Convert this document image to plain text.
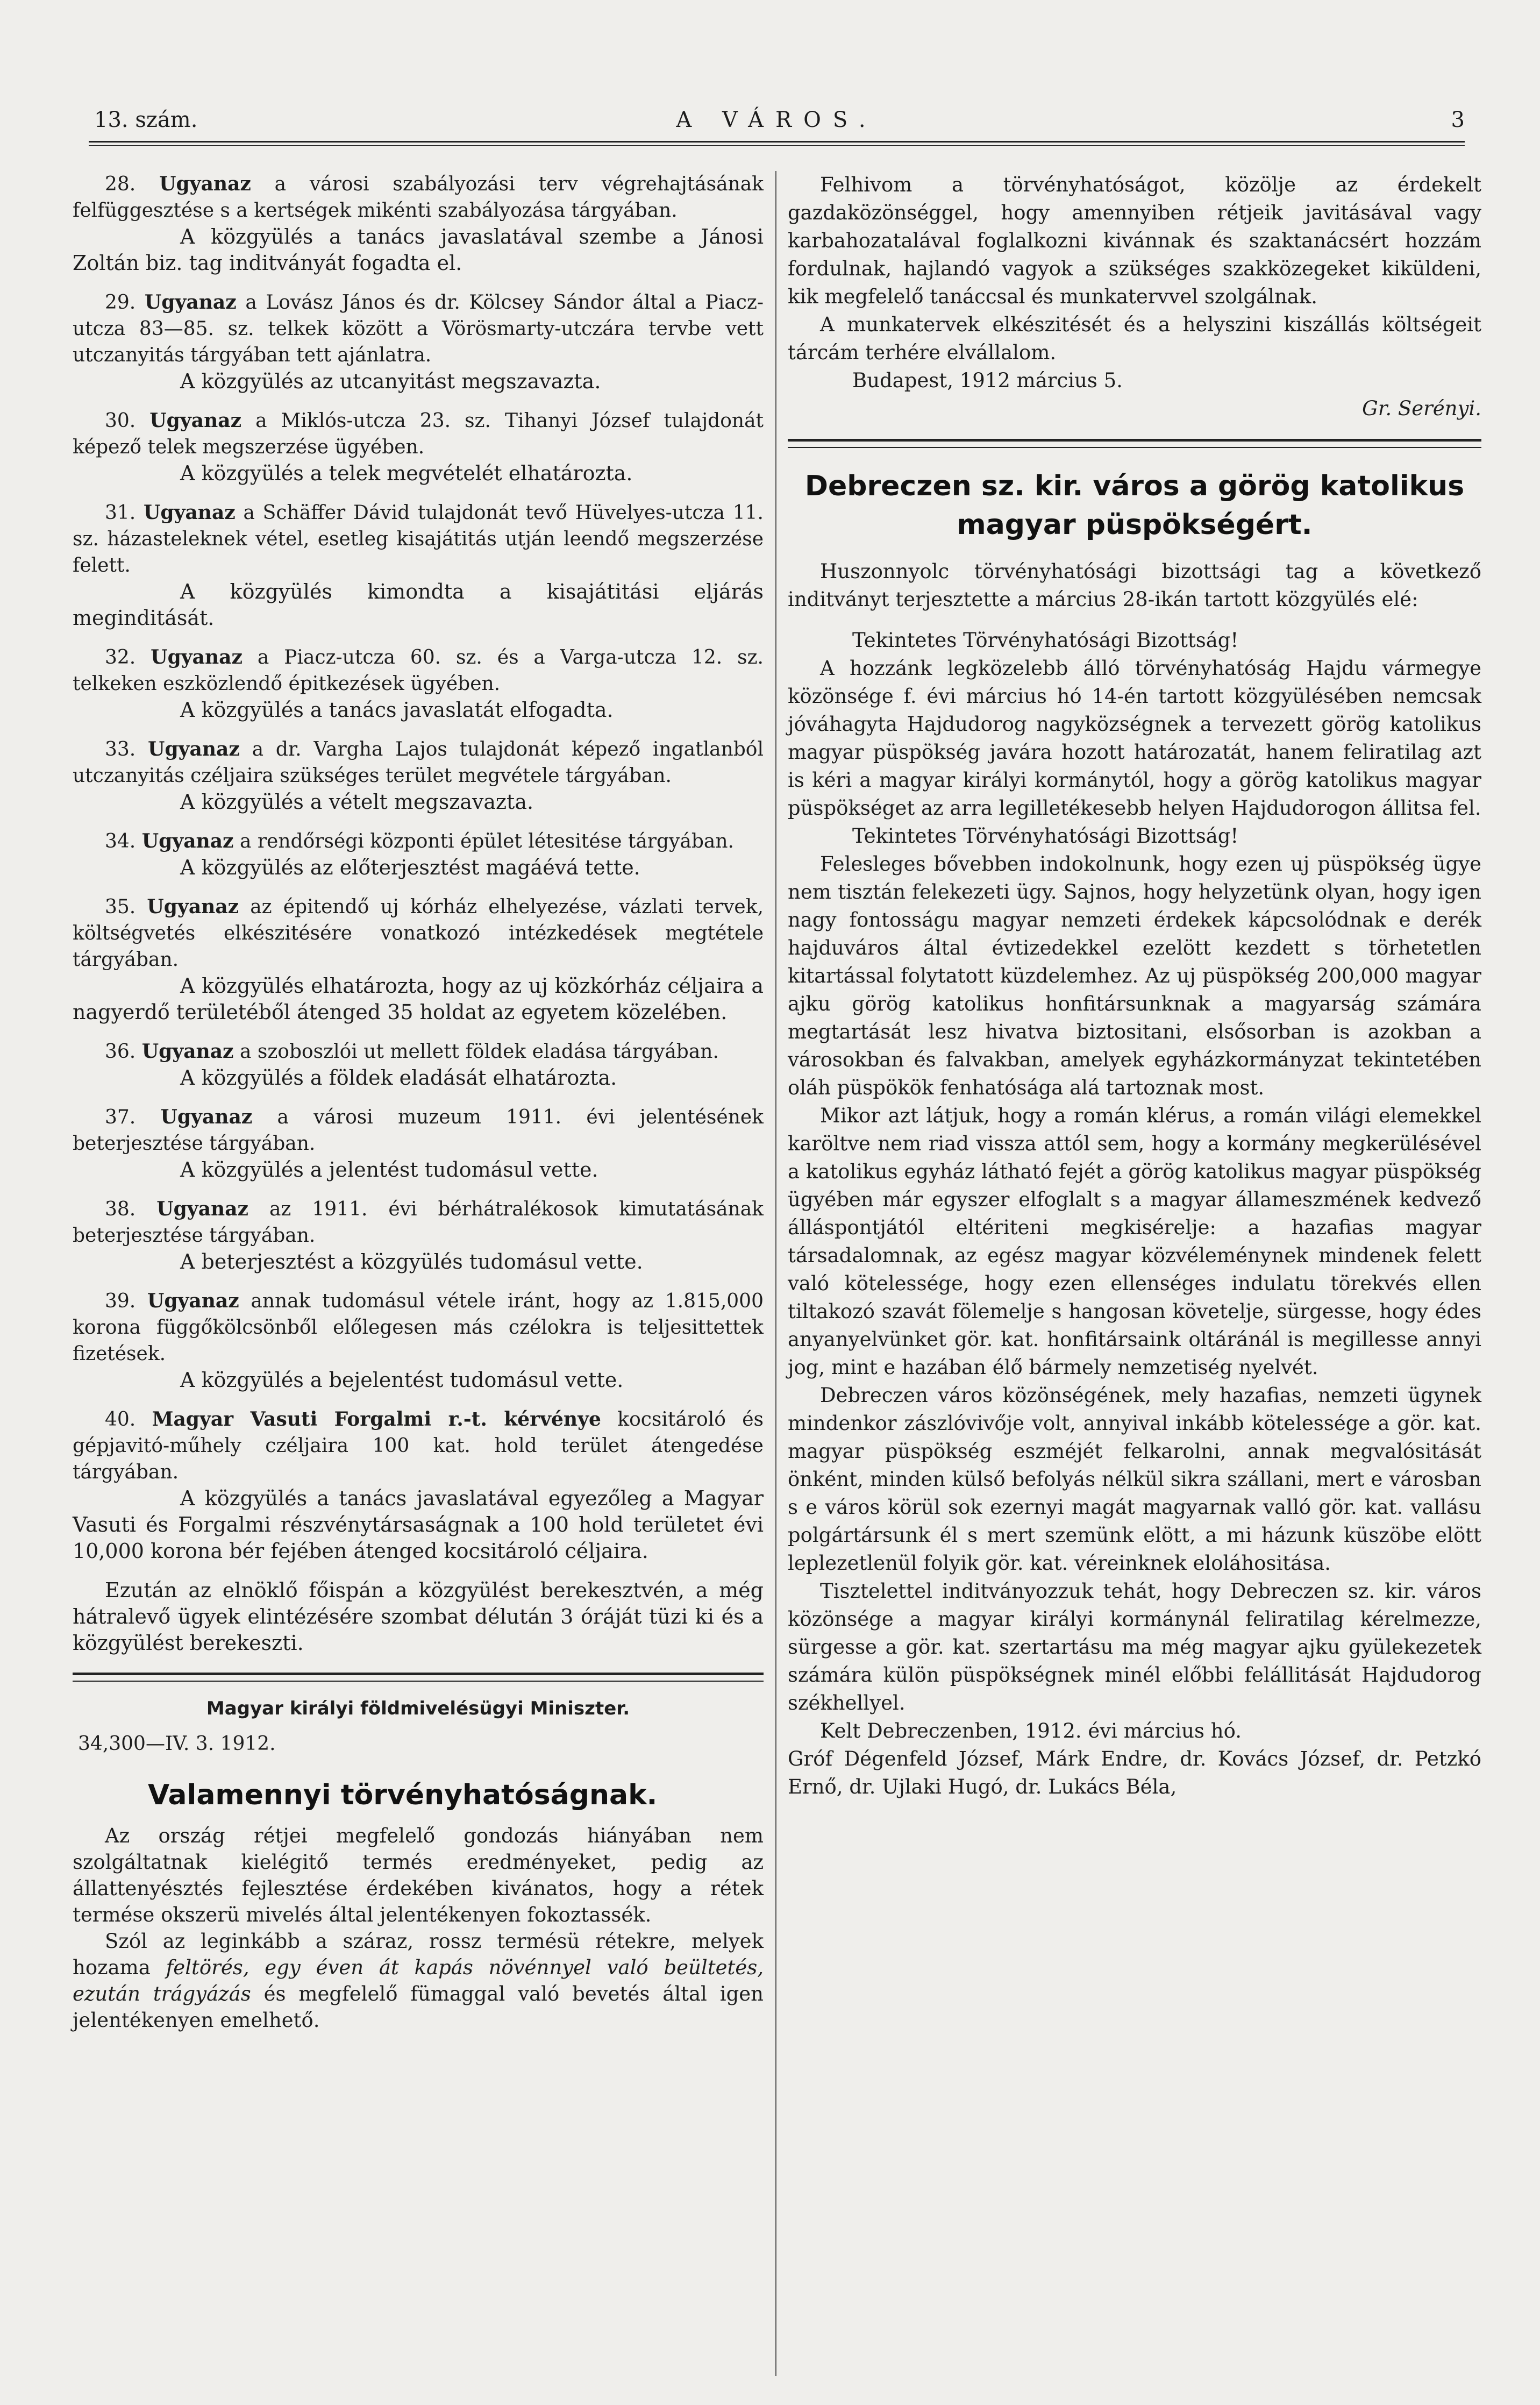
13. szám.	A VÁROS.	3

28. Ugyanaz a városi szabályozási terv végrehajtásának felfüggesztése s a kertségek mikénti szabályozása tárgyában.

A közgyülés a tanács javaslatával szembe a Jánosi Zoltán biz. tag inditványát fogadta el.

29. Ugyanaz a Lovász János és dr. Kölcsey Sándor által a Piacz-utcza 83—85. sz. telkek között a Vörösmarty-utczára tervbe vett utczanyitás tárgyában tett ajánlatra.

A közgyülés az utcanyitást megszavazta.

30. Ugyanaz a Miklós-utcza 23. sz. Tihanyi József tulajdonát képező telek megszerzése ügyében.

A közgyülés a telek megvételét elhatározta.

31. Ugyanaz a Schäffer Dávid tulajdonát tevő Hüvelyes-utcza 11. sz. házasteleknek vétel, esetleg kisajátitás utján leendő megszerzése felett.

A közgyülés kimondta a kisajátitási eljárás meginditását.

32. Ugyanaz a Piacz-utcza 60. sz. és a Varga-utcza 12. sz. telkeken eszközlendő épitkezések ügyében.

A közgyülés a tanács javaslatát elfogadta.

33. Ugyanaz a dr. Vargha Lajos tulajdonát képező ingatlanból utczanyitás czéljaira szükséges terület megvétele tárgyában.

A közgyülés a vételt megszavazta.

34. Ugyanaz a rendőrségi központi épület létesitése tárgyában.

A közgyülés az előterjesztést magáévá tette.

35. Ugyanaz az épitendő uj kórház elhelyezése, vázlati tervek, költségvetés elkészitésére vonatkozó intézkedések megtétele tárgyában.

A közgyülés elhatározta, hogy az uj közkórház céljaira a nagyerdő területéből átenged 35 holdat az egyetem közelében.

36. Ugyanaz a szoboszlói ut mellett földek eladása tárgyában.

A közgyülés a földek eladását elhatározta.

37. Ugyanaz a városi muzeum 1911. évi jelentésének beterjesztése tárgyában.

A közgyülés a jelentést tudomásul vette.

38. Ugyanaz az 1911. évi bérhátralékosok kimutatásának beterjesztése tárgyában.

A beterjesztést a közgyülés tudomásul vette.

39. Ugyanaz annak tudomásul vétele iránt, hogy az 1.815,000 korona függőkölcsönből előlegesen más czélokra is teljesittettek fizetések.

A közgyülés a bejelentést tudomásul vette.

40. Magyar Vasuti Forgalmi r.-t. kérvénye kocsitároló és gépjavitó-műhely czéljaira 100 kat. hold terület átengedése tárgyában.

A közgyülés a tanács javaslatával egyezőleg a Magyar Vasuti és Forgalmi részvénytársaságnak a 100 hold területet évi 10,000 korona bér fejében átenged kocsitároló céljaira.

Ezután az elnöklő főispán a közgyülést berekesztvén, a még hátralevő ügyek elintézésére szombat délután 3 óráját tüzi ki és a közgyülést berekeszti.

Magyar királyi földmivelésügyi Miniszter.

34,300—IV. 3. 1912.

Valamennyi törvényhatóságnak.

Az ország rétjei megfelelő gondozás hiányában nem szolgáltatnak kielégitő termés eredményeket, pedig az állattenyésztés fejlesztése érdekében kivánatos, hogy a rétek termése okszerü mivelés által jelentékenyen fokoztassék.

Szól az leginkább a száraz, rossz termésü rétekre, melyek hozama feltörés, egy éven át kapás növénnyel való beültetés, ezután trágyázás és megfelelő fümaggal való bevetés által igen jelentékenyen emelhető.

Felhivom a törvényhatóságot, közölje az érdekelt gazdaközönséggel, hogy amennyiben rétjeik javitásával vagy karbahozatalával foglalkozni kivánnak és szaktanácsért hozzám fordulnak, hajlandó vagyok a szükséges szakközegeket kiküldeni, kik megfelelő tanáccsal és munkatervvel szolgálnak.

A munkatervek elkészitését és a helyszini kiszállás költségeit tárcám terhére elvállalom.

Budapest, 1912 március 5.

Gr. Serényi.

Debreczen sz. kir. város a görög katolikus
magyar püspökségért.

Huszonnyolc törvényhatósági bizottsági tag a következő inditványt terjesztette a március 28-ikán tartott közgyülés elé:

Tekintetes Törvényhatósági Bizottság!

A hozzánk legközelebb álló törvényhatóság Hajdu vármegye közönsége f. évi március hó 14-én tartott közgyülésében nemcsak jóváhagyta Hajdudorog nagyközségnek a tervezett görög katolikus magyar püspökség javára hozott határozatát, hanem feliratilag azt is kéri a magyar királyi kormánytól, hogy a görög katolikus magyar püspökséget az arra legilletékesebb helyen Hajdudorogon állitsa fel.

Tekintetes Törvényhatósági Bizottság!

Felesleges bővebben indokolnunk, hogy ezen uj püspökség ügye nem tisztán felekezeti ügy. Sajnos, hogy helyzetünk olyan, hogy igen nagy fontosságu magyar nemzeti érdekek kápcsolódnak e derék hajduváros által évtizedekkel ezelött kezdett s törhetetlen kitartással folytatott küzdelemhez. Az uj püspökség 200,000 magyar ajku görög katolikus honfitársunknak a magyarság számára megtartását lesz hivatva biztositani, elsősorban is azokban a városokban és falvakban, amelyek egyházkormányzat tekintetében oláh püspökök fenhatósága alá tartoznak most.

Mikor azt látjuk, hogy a román klérus, a román világi elemekkel karöltve nem riad vissza attól sem, hogy a kormány megkerülésével a katolikus egyház látható fejét a görög katolikus magyar püspökség ügyében már egyszer elfoglalt s a magyar állameszmének kedvező álláspontjától eltériteni megkisérelje: a hazafias magyar társadalomnak, az egész magyar közvéleménynek mindenek felett való kötelessége, hogy ezen ellenséges indulatu törekvés ellen tiltakozó szavát fölemelje s hangosan követelje, sürgesse, hogy édes anyanyelvünket gör. kat. honfitársaink oltáránál is megillesse annyi jog, mint e hazában élő bármely nemzetiség nyelvét.

Debreczen város közönségének, mely hazafias, nemzeti ügynek mindenkor zászlóvivője volt, annyival inkább kötelessége a gör. kat. magyar püspökség eszméjét felkarolni, annak megvalósitását önként, minden külső befolyás nélkül sikra szállani, mert e városban s e város körül sok ezernyi magát magyarnak valló gör. kat. vallásu polgártársunk él s mert szemünk elött, a mi házunk küszöbe elött leplezetlenül folyik gör. kat. véreinknek eloláhositása.

Tisztelettel inditványozzuk tehát, hogy Debreczen sz. kir. város közönsége a magyar királyi kormánynál feliratilag kérelmezze, sürgesse a gör. kat. szertartásu ma még magyar ajku gyülekezetek számára külön püspökségnek minél előbbi felállitását Hajdudorog székhellyel.

Kelt Debreczenben, 1912. évi március hó.

Gróf Dégenfeld József, Márk Endre, dr. Kovács József, dr. Petzkó Ernő, dr. Ujlaki Hugó, dr. Lukács Béla,
